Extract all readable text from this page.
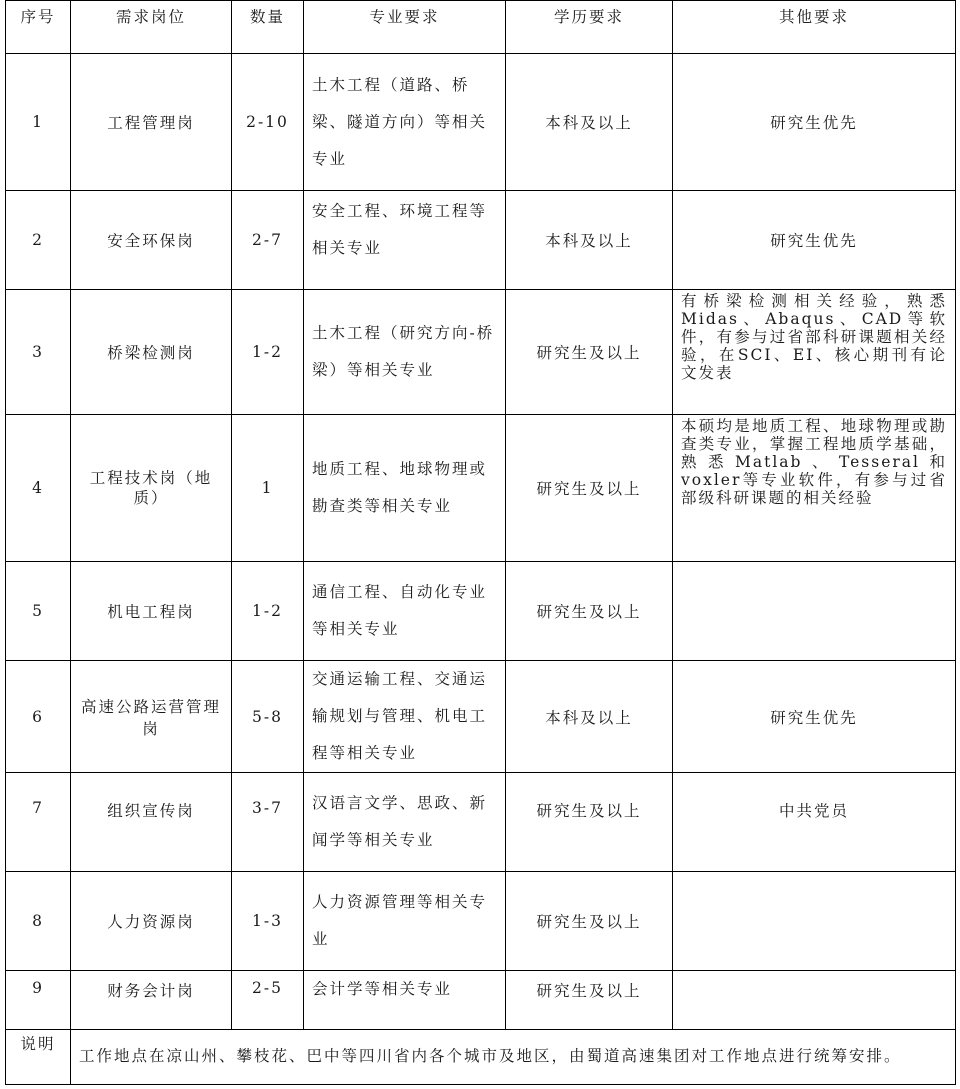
序号	需求岗位	数量	专业要求	学历要求	其他要求
1	工程管理岗	2-10	土木工程（道路、桥梁、隧道方向）等相关专业	本科及以上	研究生优先
2	安全环保岗	2-7	安全工程、环境工程等相关专业	本科及以上	研究生优先
3	桥梁检测岗	1-2	土木工程（研究方向-桥梁）等相关专业	研究生及以上	有桥梁检测相关经验，熟悉Midas、Abaqus、CAD等软件，有参与过省部科研课题相关经验，在SCI、EI、核心期刊有论文发表
4	工程技术岗（地质）	1	地质工程、地球物理或勘查类等相关专业	研究生及以上	本硕均是地质工程、地球物理或勘查类专业，掌握工程地质学基础，熟悉Matlab、Tesseral和voxler等专业软件，有参与过省部级科研课题的相关经验
5	机电工程岗	1-2	通信工程、自动化专业等相关专业	研究生及以上	
6	高速公路运营管理岗	5-8	交通运输工程、交通运输规划与管理、机电工程等相关专业	本科及以上	研究生优先
7	组织宣传岗	3-7	汉语言文学、思政、新闻学等相关专业	研究生及以上	中共党员
8	人力资源岗	1-3	人力资源管理等相关专业	研究生及以上	
9	财务会计岗	2-5	会计学等相关专业	研究生及以上	
说明	工作地点在凉山州、攀枝花、巴中等四川省内各个城市及地区，由蜀道高速集团对工作地点进行统筹安排。				
